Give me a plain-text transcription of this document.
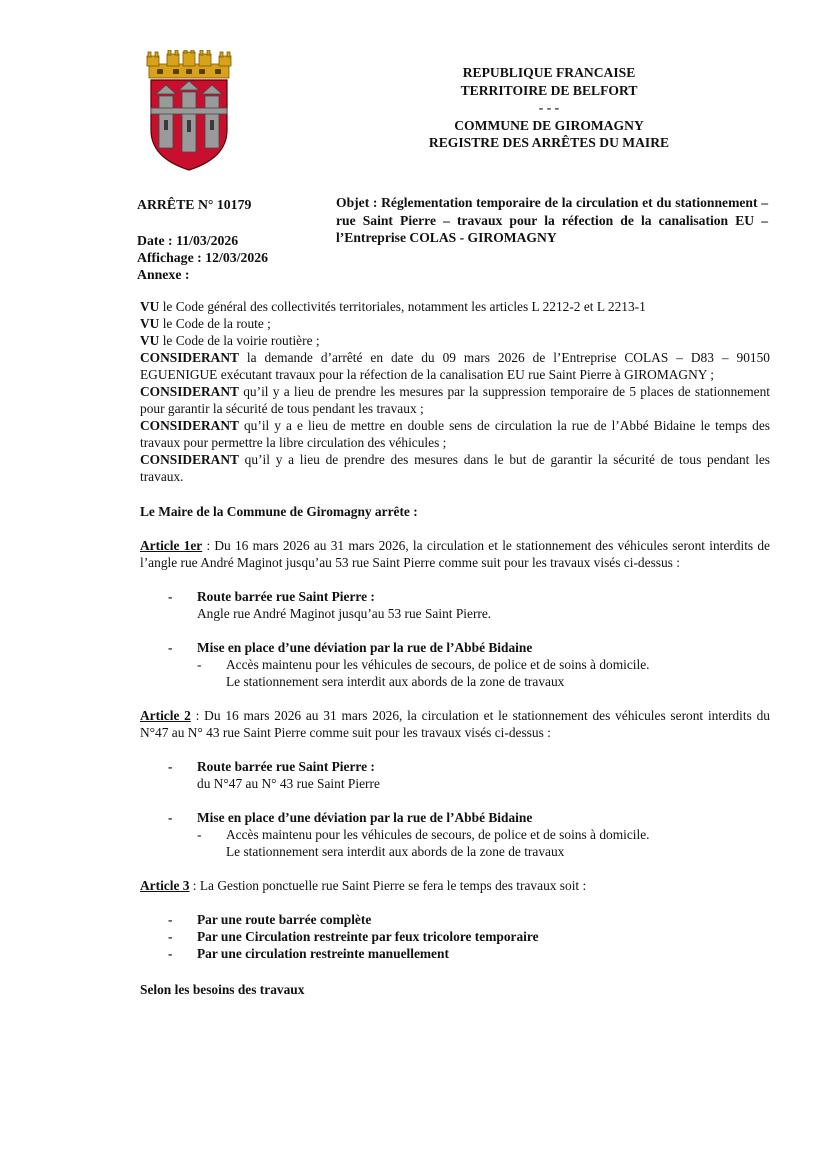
REPUBLIQUE FRANCAISE
TERRITOIRE DE BELFORT
- - -
COMMUNE DE GIROMAGNY
REGISTRE DES ARRÊTES DU MAIRE
ARRÊTE N° 10179
Date : 11/03/2026
Affichage : 12/03/2026
Annexe :
Objet : Réglementation temporaire de la circulation et du stationnement – rue Saint Pierre – travaux pour la réfection de la canalisation EU – l’Entreprise COLAS - GIROMAGNY

VU le Code général des collectivités territoriales, notamment les articles L 2212-2 et L 2213-1

VU le Code de la route ;

VU le Code de la voirie routière ;

CONSIDERANT la demande d’arrêté en date du 09 mars 2026 de l’Entreprise COLAS – D83 – 90150 EGUENIGUE exécutant travaux pour la réfection de la canalisation EU rue Saint Pierre à GIROMAGNY ;

CONSIDERANT qu’il y a lieu de prendre les mesures par la suppression temporaire de 5 places de stationnement pour garantir la sécurité de tous pendant les travaux ;

CONSIDERANT qu’il y a e lieu de mettre en double sens de circulation la rue de l’Abbé Bidaine le temps des travaux pour permettre la libre circulation des véhicules ;

CONSIDERANT qu’il y a lieu de prendre des mesures dans le but de garantir la sécurité de tous pendant les travaux.

Le Maire de la Commune de Giromagny arrête :

Article 1er : Du 16 mars 2026 au 31 mars 2026, la circulation et le stationnement des véhicules seront interdits de l’angle rue André Maginot jusqu’au 53 rue Saint Pierre comme suit pour les travaux visés ci-dessus :

- Route barrée rue Saint Pierre :
Angle rue André Maginot jusqu’au 53 rue Saint Pierre.
- Mise en place d’une déviation par la rue de l’Abbé Bidaine
- Accès maintenu pour les véhicules de secours, de police et de soins à domicile.
Le stationnement sera interdit aux abords de la zone de travaux

Article 2 : Du 16 mars 2026 au 31 mars 2026, la circulation et le stationnement des véhicules seront interdits du N°47 au N° 43 rue Saint Pierre comme suit pour les travaux visés ci-dessus :

- Route barrée rue Saint Pierre :
du N°47 au N° 43 rue Saint Pierre
- Mise en place d’une déviation par la rue de l’Abbé Bidaine
- Accès maintenu pour les véhicules de secours, de police et de soins à domicile.
Le stationnement sera interdit aux abords de la zone de travaux

Article 3 : La Gestion ponctuelle rue Saint Pierre se fera le temps des travaux soit :

- Par une route barrée complète
- Par une Circulation restreinte par feux tricolore temporaire
- Par une circulation restreinte manuellement

Selon les besoins des travaux
